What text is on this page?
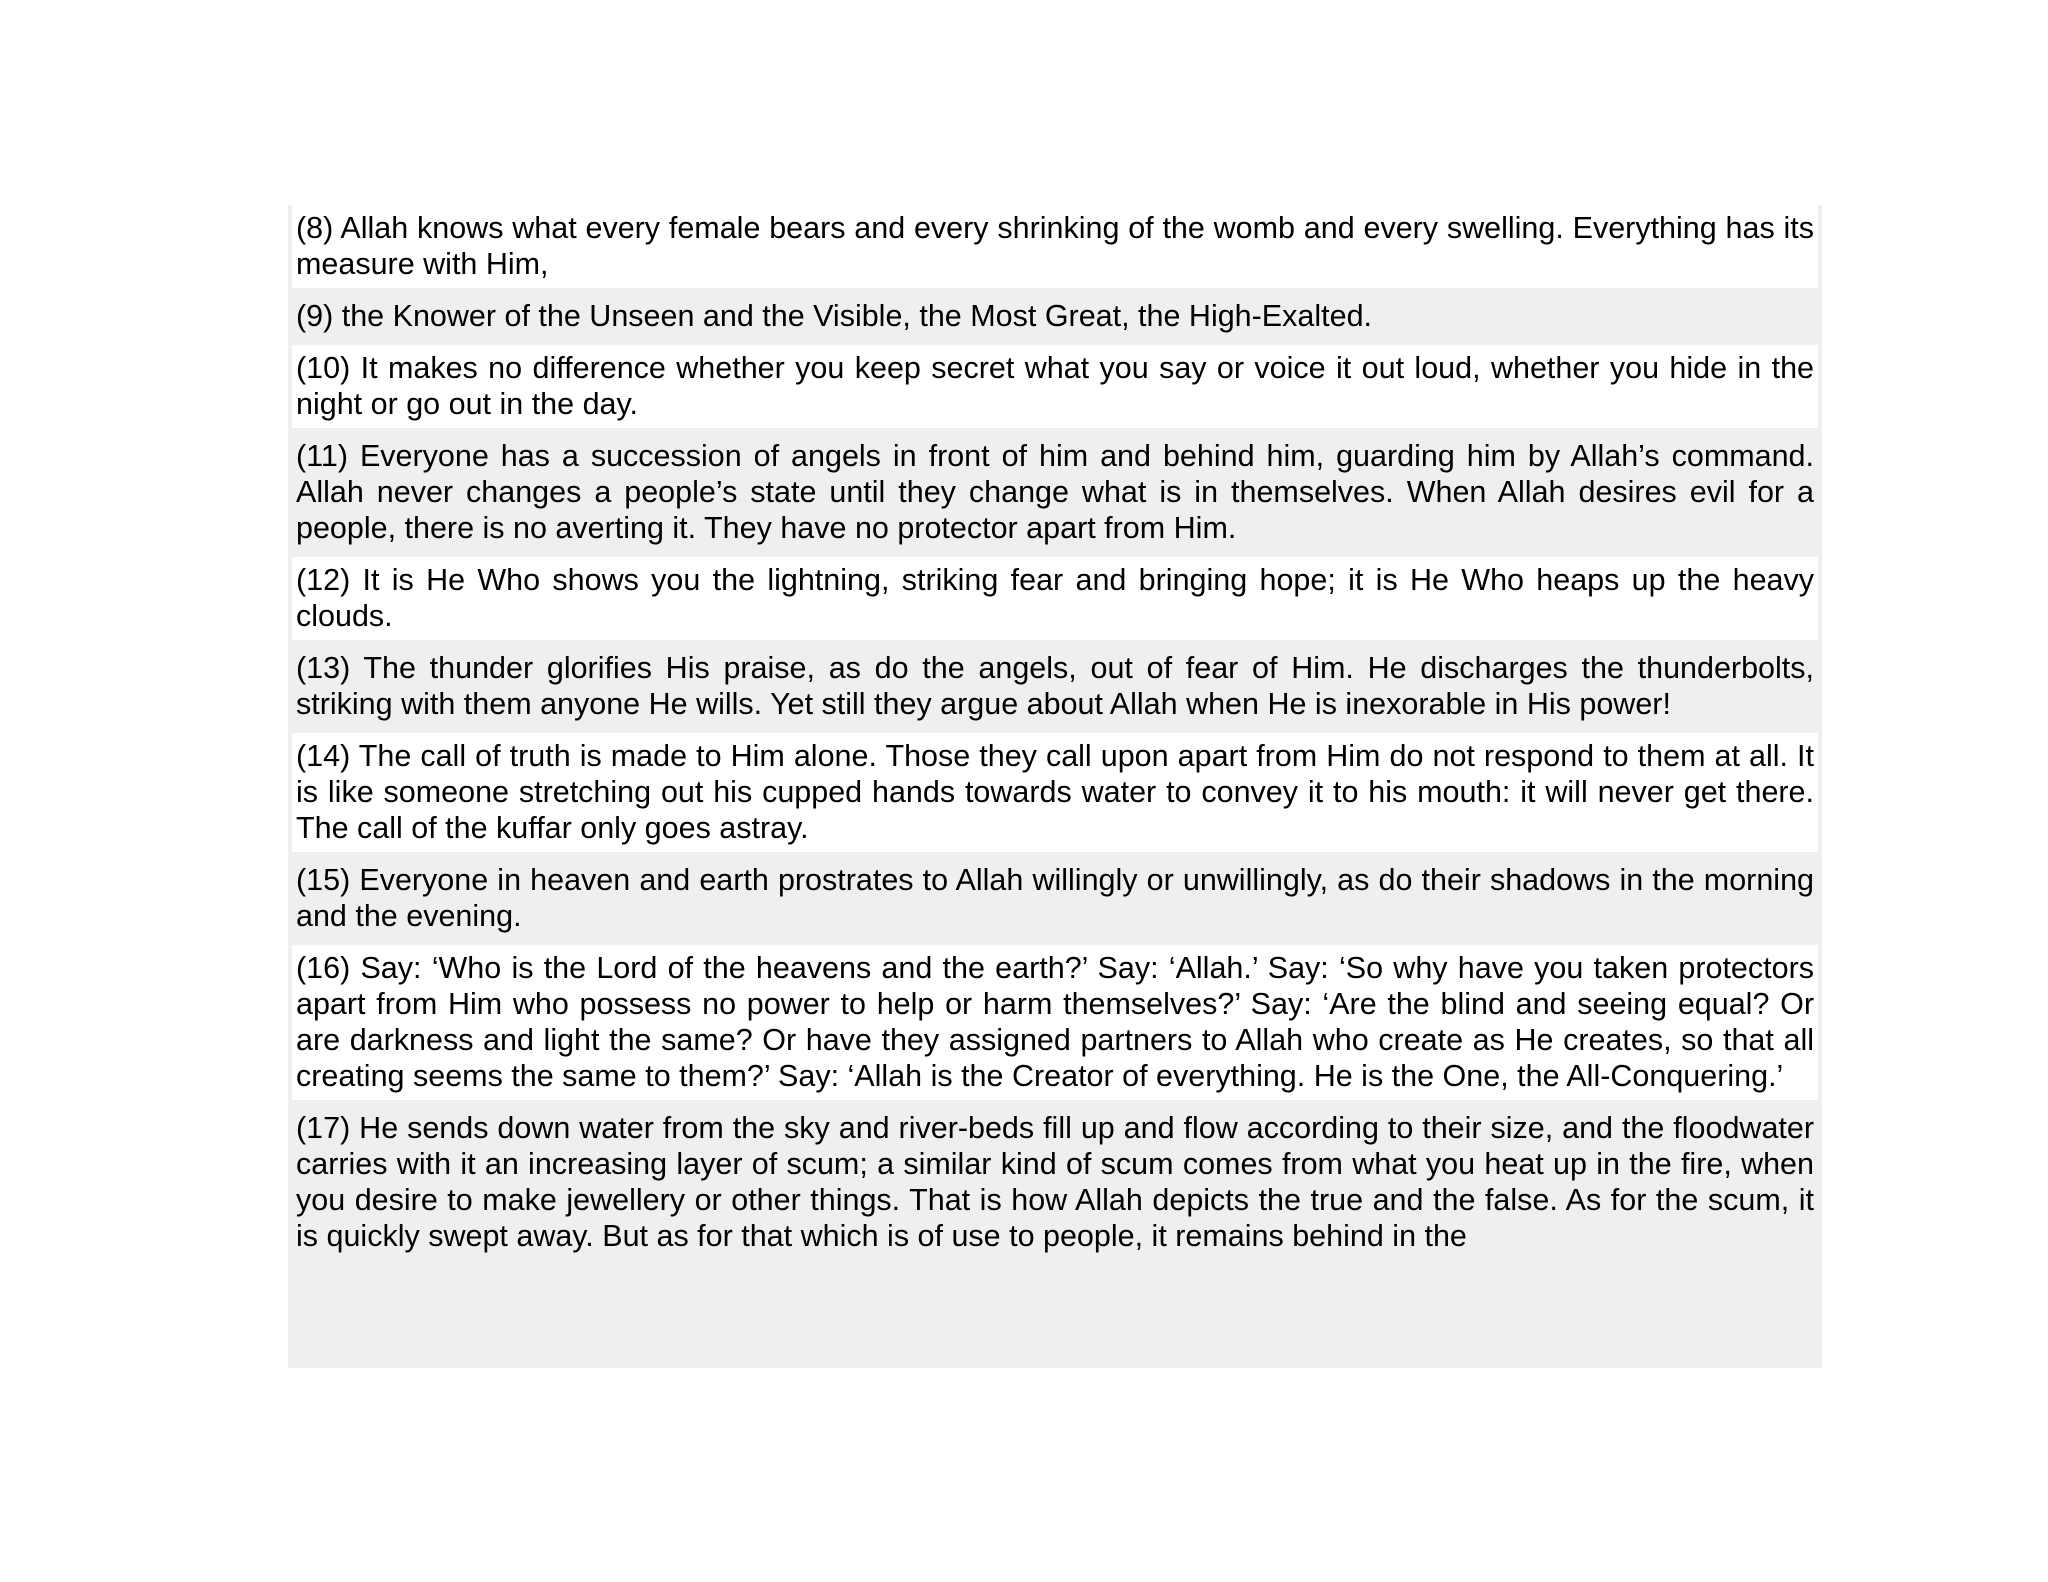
(8) Allah knows what every female bears and every shrinking of the womb and every swelling. Everything has its measure with Him,

(9) the Knower of the Unseen and the Visible, the Most Great, the High-Exalted.

(10) It makes no difference whether you keep secret what you say or voice it out loud, whether you hide in the night or go out in the day.

(11) Everyone has a succession of angels in front of him and behind him, guarding him by Allah’s command. Allah never changes a people’s state until they change what is in themselves. When Allah desires evil for a people, there is no averting it. They have no protector apart from Him.

(12) It is He Who shows you the lightning, striking fear and bringing hope; it is He Who heaps up the heavy clouds.

(13) The thunder glorifies His praise, as do the angels, out of fear of Him. He discharges the thunderbolts, striking with them anyone He wills. Yet still they argue about Allah when He is inexorable in His power!

(14) The call of truth is made to Him alone. Those they call upon apart from Him do not respond to them at all. It is like someone stretching out his cupped hands towards water to convey it to his mouth: it will never get there. The call of the kuffar only goes astray.

(15) Everyone in heaven and earth prostrates to Allah willingly or unwillingly, as do their shadows in the morning and the evening.

(16) Say: ‘Who is the Lord of the heavens and the earth?’ Say: ‘Allah.’ Say: ‘So why have you taken protectors apart from Him who possess no power to help or harm themselves?’ Say: ‘Are the blind and seeing equal? Or are darkness and light the same? Or have they assigned partners to Allah who create as He creates, so that all creating seems the same to them?’ Say: ‘Allah is the Creator of everything. He is the One, the All-Conquering.’

(17) He sends down water from the sky and river-beds fill up and flow according to their size, and the floodwater carries with it an increasing layer of scum; a similar kind of scum comes from what you heat up in the fire, when you desire to make jewellery or other things. That is how Allah depicts the true and the false. As for the scum, it is quickly swept away. But as for that which is of use to people, it remains behind in the
